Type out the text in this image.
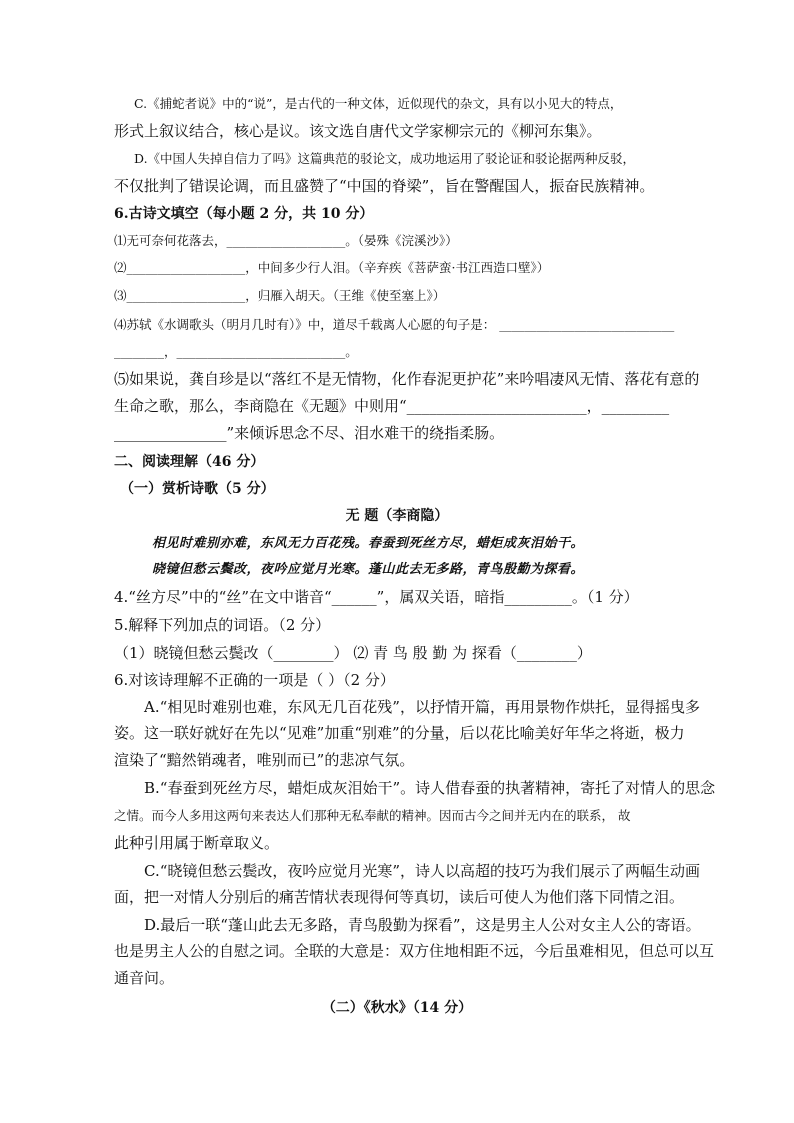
C.《捕蛇者说》中的“说”，是古代的一种文体，近似现代的杂文，具有以小见大的特点，
形式上叙议结合，核心是议。该文选自唐代文学家柳宗元的《柳河东集》。
D.《中国人失掉自信力了吗》这篇典范的驳论文，成功地运用了驳论证和驳论据两种反驳，
不仅批判了错误论调，而且盛赞了“中国的脊梁”，旨在警醒国人，振奋民族精神。
6.古诗文填空（每小题 2 分，共 10 分）
⑴无可奈何花落去，___________________。（晏殊《浣溪沙》）
⑵___________________，中间多少行人泪。（辛弃疾《菩萨蛮·书江西造口壁》）
⑶___________________，归雁入胡天。（王维《使至塞上》）
⑷苏轼《水调歌头（明月几时有）》中，道尽千载离人心愿的句子是： ____________________________
________，___________________________。
⑸如果说，龚自珍是以“落红不是无情物，化作春泥更护花”来吟唱凄风无情、落花有意的
生命之歌，那么，李商隐在《无题》中则用“________________________，_________
_______________”来倾诉思念不尽、泪水难干的绕指柔肠。
二、阅读理解（46 分）
（一）赏析诗歌（5 分）
无 题（李商隐）
相见时难别亦难，东风无力百花残。春蚕到死丝方尽，蜡炬成灰泪始干。
晓镜但愁云鬓改，夜吟应觉月光寒。蓬山此去无多路，青鸟殷勤为探看。
4.“丝方尽”中的“丝”在文中谐音“______”，属双关语，暗指_________。（1 分）
5.解释下列加点的词语。（2 分）
（1）晓镜但愁云鬓改（________） ⑵ 青 鸟 殷 勤 为 探看（________）
6.对该诗理解不正确的一项是（ ）（2 分）
A.“相见时难别也难，东风无几百花残”，以抒情开篇，再用景物作烘托，显得摇曳多
姿。这一联好就好在先以“见难”加重“别难”的分量，后以花比喻美好年华之将逝，极力
渲染了“黯然销魂者，唯别而已”的悲凉气氛。
B.“春蚕到死丝方尽，蜡炬成灰泪始干”。诗人借春蚕的执著精神，寄托了对情人的思念
之情。而今人多用这两句来表达人们那种无私奉献的精神。因而古今之间并无内在的联系， 故
此种引用属于断章取义。
C.“晓镜但愁云鬓改，夜吟应觉月光寒”，诗人以高超的技巧为我们展示了两幅生动画
面，把一对情人分别后的痛苦情状表现得何等真切，读后可使人为他们落下同情之泪。
D.最后一联“蓬山此去无多路，青鸟殷勤为探看”，这是男主人公对女主人公的寄语。
也是男主人公的自慰之词。全联的大意是：双方住地相距不远，今后虽难相见，但总可以互
通音问。
（二）《秋水》（14 分）
